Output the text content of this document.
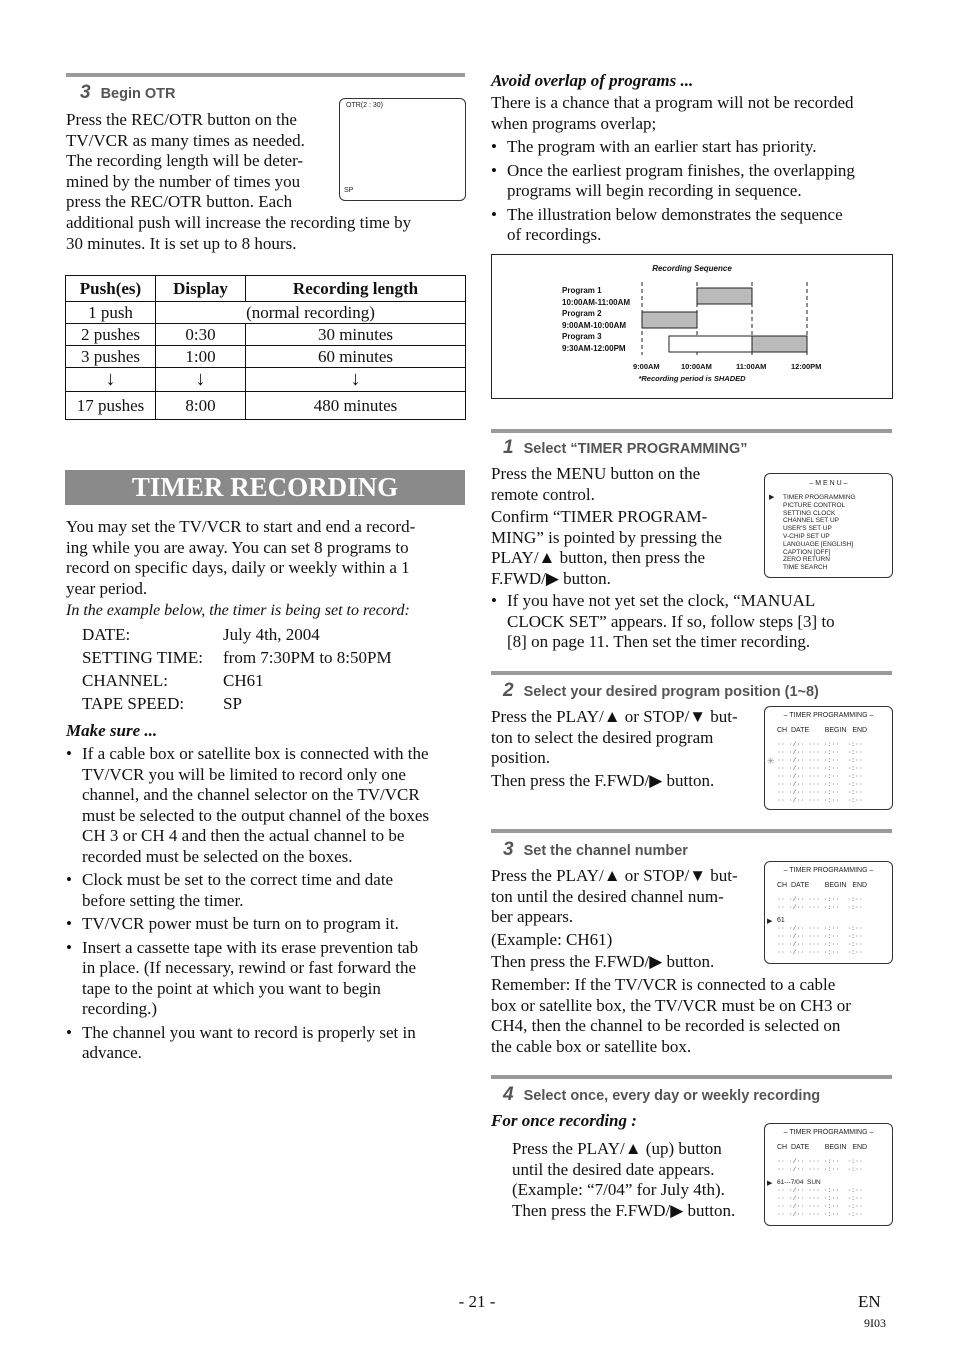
3 Begin OTR
Press the REC/OTR button on the
TV/VCR as many times as needed.
The recording length will be deter-
mined by the number of times you
press the REC/OTR button. Each
additional push will increase the recording time by
30 minutes. It is set up to 8 hours.
OTR(2 : 30)
SP
Push(es)	Display	Recording length
1 push	(normal recording)	
2 pushes	0:30	30 minutes
3 pushes	1:00	60 minutes
↓	↓	↓
17 pushes	8:00	480 minutes
TIMER RECORDING
You may set the TV/VCR to start and end a record-
ing while you are away. You can set 8 programs to
record on specific days, daily or weekly within a 1
year period.
In the example below, the timer is being set to record:
DATE:	July 4th, 2004
SETTING TIME: from 7:30PM to 8:50PM
CHANNEL:	CH61
TAPE SPEED: SP
Make sure ...
• If a cable box or satellite box is connected with the
TV/VCR you will be limited to record only one
channel, and the channel selector on the TV/VCR
must be selected to the output channel of the boxes
CH 3 or CH 4 and then the actual channel to be
recorded must be selected on the boxes.
• Clock must be set to the correct time and date
before setting the timer.
• TV/VCR power must be turn on to program it.
• Insert a cassette tape with its erase prevention tab
in place. (If necessary, rewind or fast forward the
tape to the point at which you want to begin
recording.)
• The channel you want to record is properly set in
advance.
Avoid overlap of programs ...
There is a chance that a program will not be recorded
when programs overlap;
• The program with an earlier start has priority.
• Once the earliest program finishes, the overlapping
programs will begin recording in sequence.
• The illustration below demonstrates the sequence
of recordings.
Recording Sequence
Program 1
10:00AM-11:00AM
Program 2
9:00AM-10:00AM
Program 3
9:30AM-12:00PM
9:00AM	10:00AM	11:00AM	12:00PM
*Recording period is SHADED
1 Select “TIMER PROGRAMMING”
Press the MENU button on the
remote control.
Confirm “TIMER PROGRAM-
MING” is pointed by pressing the
PLAY/▲ button, then press the
F.FWD/▶ button.
• If you have not yet set the clock, “MANUAL
CLOCK SET” appears. If so, follow steps [3] to
[8] on page 11. Then set the timer recording.
– M E N U –
▶ TIMER PROGRAMMING
PICTURE CONTROL
SETTING CLOCK
CHANNEL SET UP
USER'S SET UP
V-CHIP SET UP
LANGUAGE [ENGLISH]
CAPTION [OFF]
ZERO RETURN
TIME SEARCH
2 Select your desired program position (1~8)
Press the PLAY/▲ or STOP/▼ but-
ton to select the desired program
position.
Then press the F.FWD/▶ button.
– TIMER PROGRAMMING –
CH  DATE        BEGIN   END
✳
·· ·/·· ··· ·:··  ·:··
·· ·/·· ··· ·:··  ·:··
·· ·/·· ··· ·:··  ·:··
·· ·/·· ··· ·:··  ·:··
·· ·/·· ··· ·:··  ·:··
·· ·/·· ··· ·:··  ·:··
·· ·/·· ··· ·:··  ·:··
·· ·/·· ··· ·:··  ·:··
3 Set the channel number
Press the PLAY/▲ or STOP/▼ but-
ton until the desired channel num-
ber appears.
(Example: CH61)
Then press the F.FWD/▶ button.
Remember: If the TV/VCR is connected to a cable
box or satellite box, the TV/VCR must be on CH3 or
CH4, then the channel to be recorded is selected on
the cable box or satellite box.
– TIMER PROGRAMMING –
CH  DATE        BEGIN   END
▶ 61
·· ·/·· ··· ·:··  ·:··
·· ·/·· ··· ·:··  ·:··
·· ·/·· ··· ·:··  ·:··
·· ·/·· ··· ·:··  ·:··
·· ·/·· ··· ·:··  ·:··
·· ·/·· ··· ·:··  ·:··
4 Select once, every day or weekly recording
For once recording :
Press the PLAY/▲ (up) button
until the desired date appears.
(Example: “7/04” for July 4th).
Then press the F.FWD/▶ button.
– TIMER PROGRAMMING –
CH  DATE        BEGIN   END
▶ 61---7/04  SUN
·· ·/·· ··· ·:··  ·:··
·· ·/·· ··· ·:··  ·:··
·· ·/·· ··· ·:··  ·:··
·· ·/·· ··· ·:··  ·:··
·· ·/·· ··· ·:··  ·:··
·· ·/·· ··· ·:··  ·:··
- 21 -	EN
9I03
